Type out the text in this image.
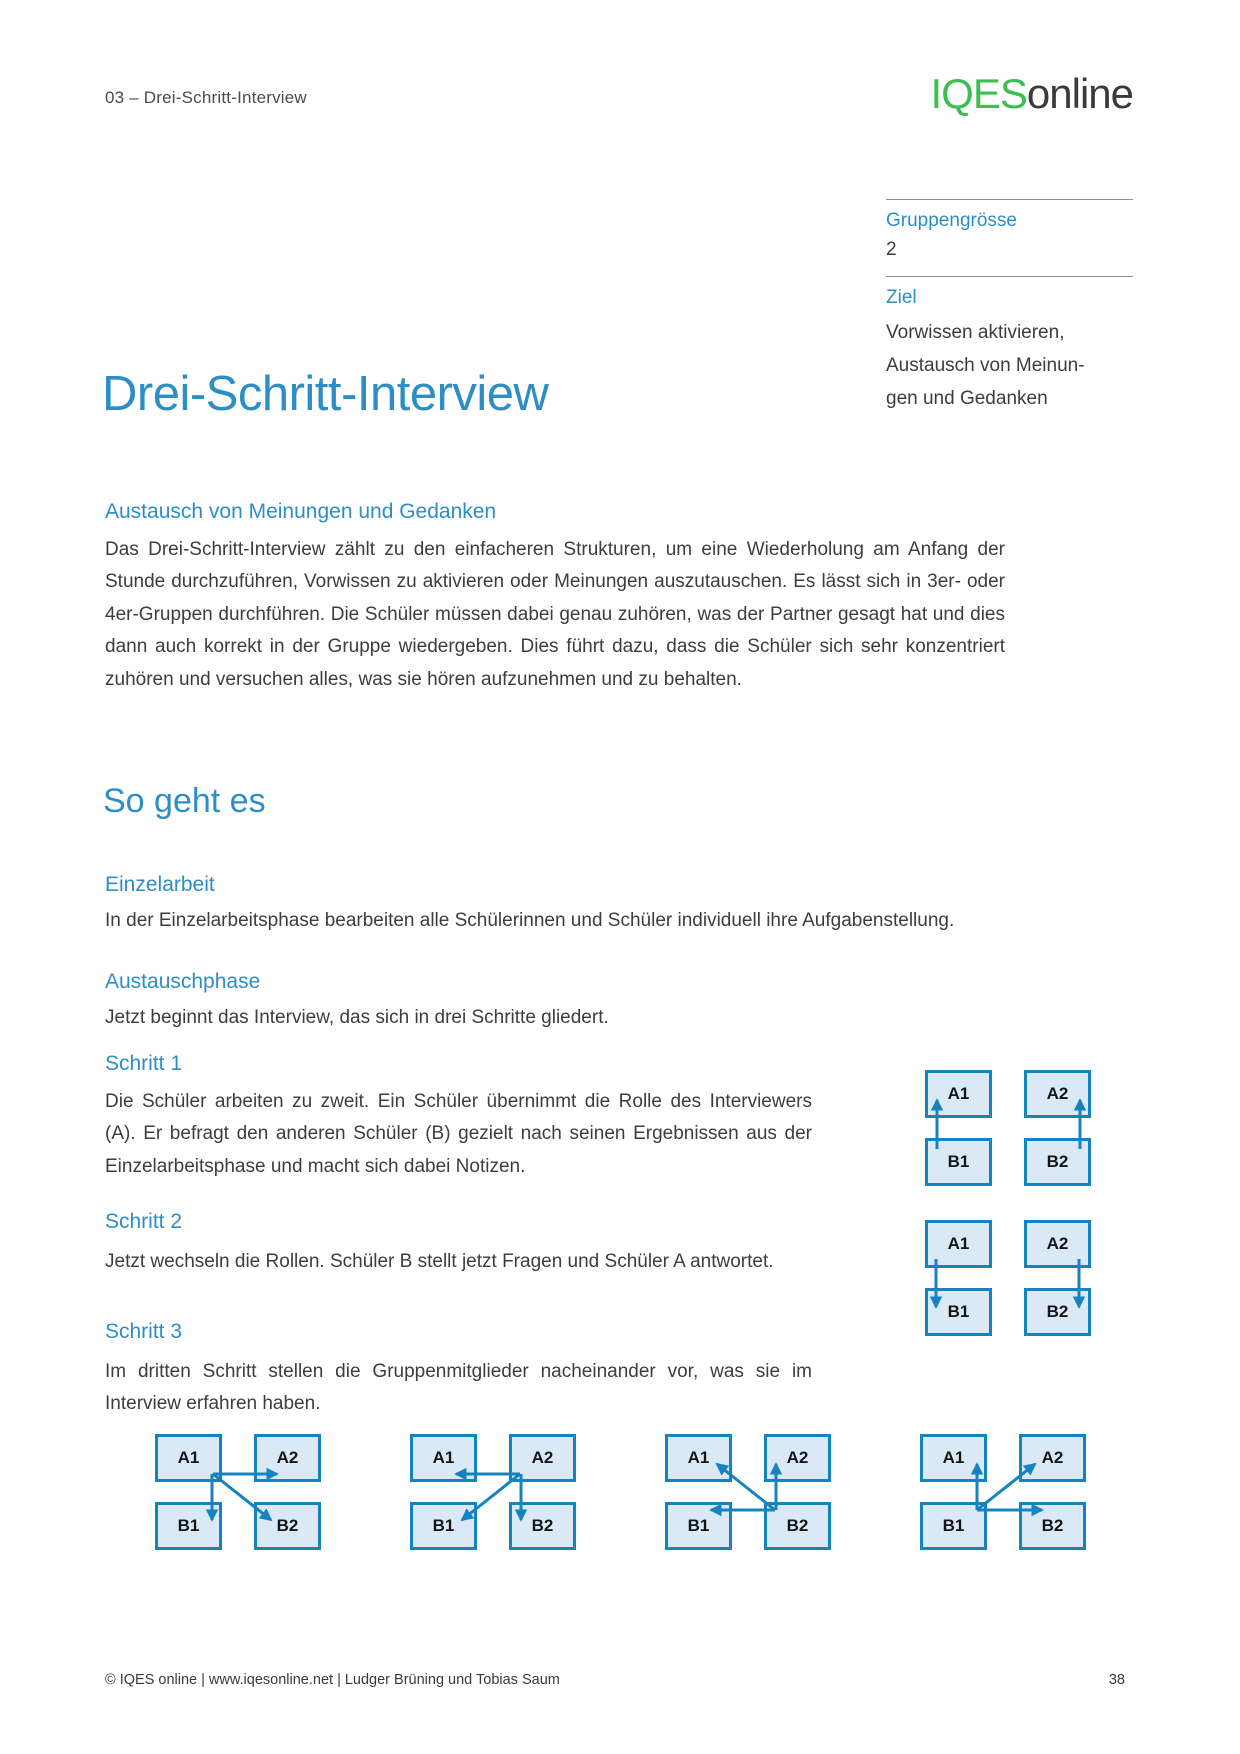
03 – Drei-Schritt-Interview	IQESonline
Gruppengrösse
2
Ziel
Vorwissen aktivieren,
Austausch von Meinun-
gen und Gedanken
Drei-Schritt-Interview
Austausch von Meinungen und Gedanken
Das Drei-Schritt-Interview zählt zu den einfacheren Strukturen, um eine Wiederholung am Anfang der Stunde durchzuführen, Vorwissen zu aktivieren oder Meinungen auszutauschen. Es lässt sich in 3er- oder 4er-Gruppen durchführen. Die Schüler müssen dabei genau zuhören, was der Partner gesagt hat und dies dann auch korrekt in der Gruppe wiedergeben. Dies führt dazu, dass die Schüler sich sehr konzentriert zuhören und versuchen alles, was sie hören aufzunehmen und zu behalten.
So geht es
Einzelarbeit
In der Einzelarbeitsphase bearbeiten alle Schülerinnen und Schüler individuell ihre Aufgabenstellung.
Austauschphase
Jetzt beginnt das Interview, das sich in drei Schritte gliedert.
Schritt 1
Die Schüler arbeiten zu zweit. Ein Schüler übernimmt die Rolle des Interviewers (A). Er befragt den anderen Schüler (B) gezielt nach seinen Ergebnissen aus der Einzelarbeitsphase und macht sich dabei Notizen.
Schritt 2
Jetzt wechseln die Rollen. Schüler B stellt jetzt Fragen und Schüler A antwortet.
Schritt 3
Im dritten Schritt stellen die Gruppenmitglieder nacheinander vor, was sie im Interview erfahren haben.
A1	A2
B1	B2
A1	A2
B1	B2
A1	A2
B1	B2
A1	A2
B1	B2
A1	A2
B1	B2
A1	A2
B1	B2
© IQES online | www.iqesonline.net | Ludger Brüning und Tobias Saum	38
